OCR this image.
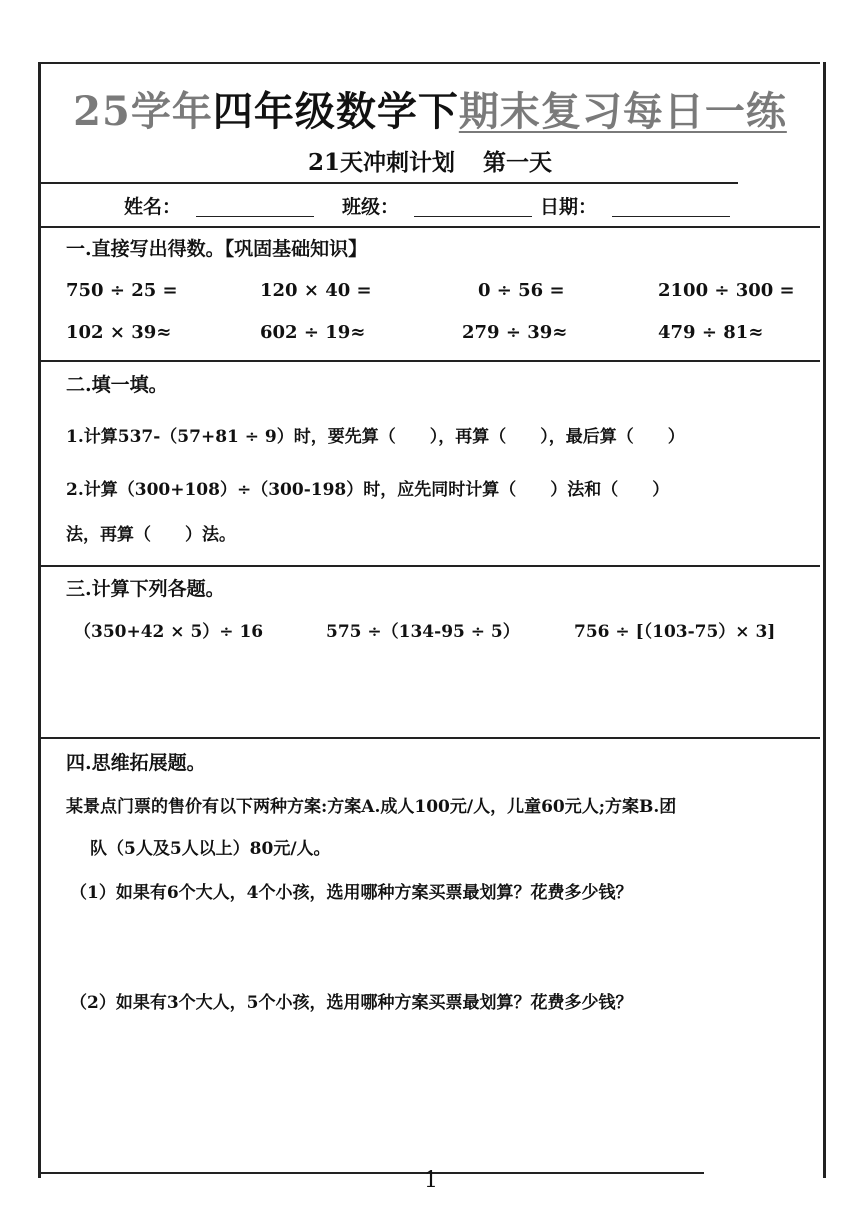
25学年四年级数学下期末复习每日一练
21天冲刺计划 第一天
姓名：	班级：	日期：
一.直接写出得数。【巩固基础知识】
750 ÷ 25 =	120 × 40 =	0 ÷ 56 =	2100 ÷ 300 =
102 × 39≈	602 ÷ 19≈	279 ÷ 39≈	479 ÷ 81≈
二.填一填。
1.计算537-（57+81 ÷ 9）时，要先算（　　），再算（　　），最后算（　　）
2.计算（300+108）÷（300-198）时，应先同时计算（　　）法和（　　）
法，再算（　　）法。
三.计算下列各题。
（350+42 × 5）÷ 16	575 ÷（134-95 ÷ 5）	756 ÷ [（103-75）× 3]
四.思维拓展题。
某景点门票的售价有以下两种方案:方案A.成人100元/人，儿童60元人;方案B.团
队（5人及5人以上）80元/人。
（1）如果有6个大人，4个小孩，选用哪种方案买票最划算？花费多少钱？
（2）如果有3个大人，5个小孩，选用哪种方案买票最划算？花费多少钱？
1
